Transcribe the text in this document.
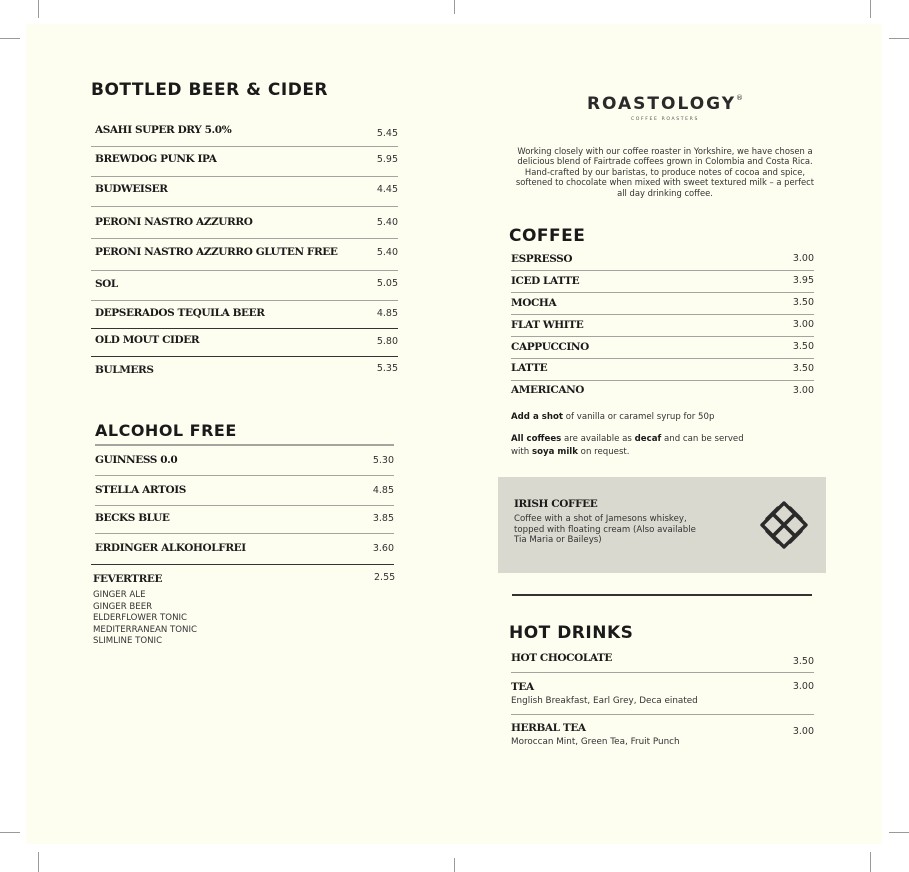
BOTTLED BEER & CIDER
ASAHI SUPER DRY 5.0%	5.45
BREWDOG PUNK IPA	5.95
BUDWEISER	4.45
PERONI NASTRO AZZURRO	5.40
PERONI NASTRO AZZURRO GLUTEN FREE	5.40
SOL	5.05
DEPSERADOS TEQUILA BEER	4.85
OLD MOUT CIDER	5.80
BULMERS	5.35
ALCOHOL FREE
GUINNESS 0.0	5.30
STELLA ARTOIS	4.85
BECKS BLUE	3.85
ERDINGER ALKOHOLFREI	3.60
FEVERTREE	2.55
GINGER ALE
GINGER BEER
ELDERFLOWER TONIC
MEDITERRANEAN TONIC
SLIMLINE TONIC
ROASTOLOGY®
COFFEE ROASTERS

Working closely with our coffee roaster in Yorkshire, we have chosen a delicious blend of Fairtrade coffees grown in Colombia and Costa Rica. Hand-crafted by our baristas, to produce notes of cocoa and spice, softened to chocolate when mixed with sweet textured milk – a perfect all day drinking coffee.

COFFEE
ESPRESSO	3.00
ICED LATTE	3.95
MOCHA	3.50
FLAT WHITE	3.00
CAPPUCCINO	3.50
LATTE	3.50
AMERICANO	3.00

Add a shot of vanilla or caramel syrup for 50p

All coffees are available as decaf and can be served with soya milk on request.

IRISH COFFEE
Coffee with a shot of Jamesons whiskey, topped with floating cream (Also available Tia Maria or Baileys)
HOT DRINKS
HOT CHOCOLATE	3.50
TEA	3.00
English Breakfast, Earl Grey, Deca einated
HERBAL TEA	3.00
Moroccan Mint, Green Tea, Fruit Punch
